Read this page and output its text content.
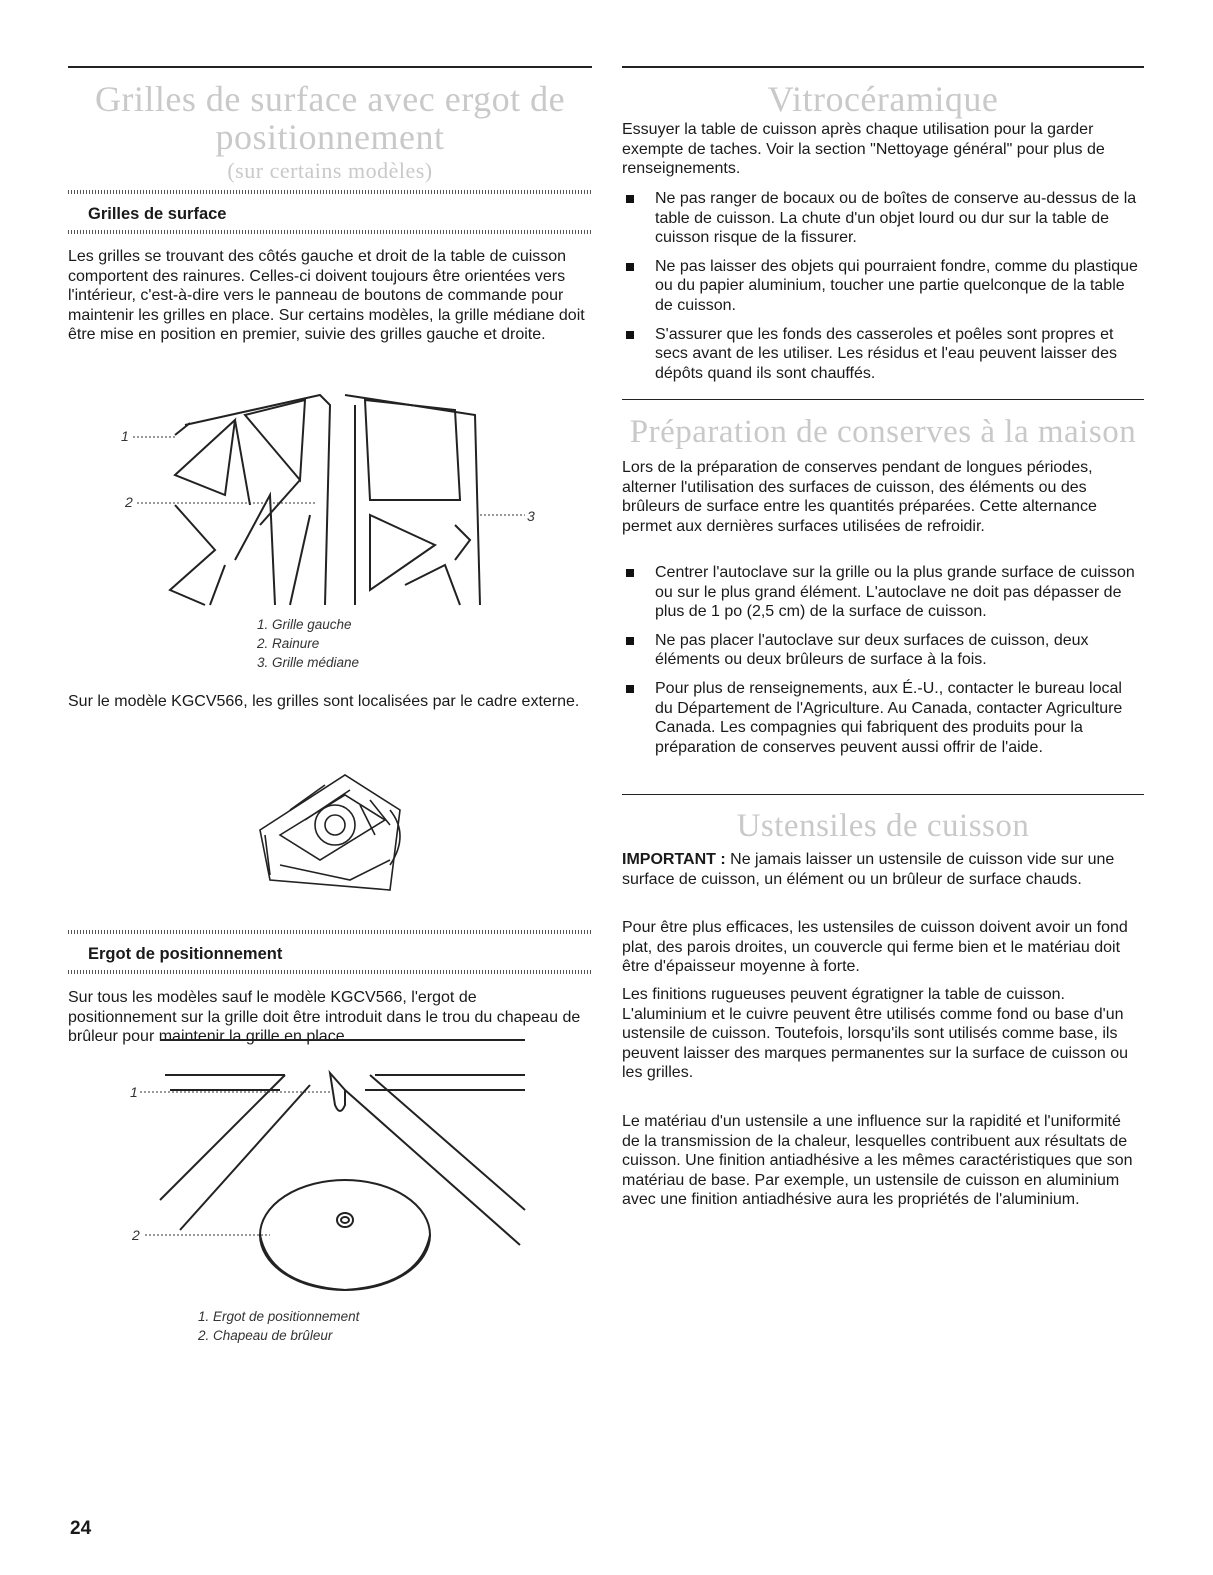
Grilles de surface avec ergot de

positionnement

(sur certains modèles)

Grilles de surface

Les grilles se trouvant des côtés gauche et droit de la table de cuisson comportent des rainures. Celles-ci doivent toujours être orientées vers l'intérieur, c'est-à-dire vers le panneau de boutons de commande pour maintenir les grilles en place. Sur certains modèles, la grille médiane doit être mise en position en premier, suivie des grilles gauche et droite.

1
2
3
1. Grille gauche
2. Rainure
3. Grille médiane

Sur le modèle KGCV566, les grilles sont localisées par le cadre externe.

Ergot de positionnement

Sur tous les modèles sauf le modèle KGCV566, l'ergot de positionnement sur la grille doit être introduit dans le trou du chapeau de brûleur pour maintenir la grille en place.

1
2
1. Ergot de positionnement
2. Chapeau de brûleur

Vitrocéramique

Essuyer la table de cuisson après chaque utilisation pour la garder exempte de taches. Voir la section "Nettoyage général" pour plus de renseignements.

Ne pas ranger de bocaux ou de boîtes de conserve au-dessus de la table de cuisson. La chute d'un objet lourd ou dur sur la table de cuisson risque de la fissurer.
Ne pas laisser des objets qui pourraient fondre, comme du plastique ou du papier aluminium, toucher une partie quelconque de la table de cuisson.
S'assurer que les fonds des casseroles et poêles sont propres et secs avant de les utiliser. Les résidus et l'eau peuvent laisser des dépôts quand ils sont chauffés.

Préparation de conserves à la maison

Lors de la préparation de conserves pendant de longues périodes, alterner l'utilisation des surfaces de cuisson, des éléments ou des brûleurs de surface entre les quantités préparées. Cette alternance permet aux dernières surfaces utilisées de refroidir.

Centrer l'autoclave sur la grille ou la plus grande surface de cuisson ou sur le plus grand élément. L'autoclave ne doit pas dépasser de plus de 1 po (2,5 cm) de la surface de cuisson.
Ne pas placer l'autoclave sur deux surfaces de cuisson, deux éléments ou deux brûleurs de surface à la fois.
Pour plus de renseignements, aux É.-U., contacter le bureau local du Département de l'Agriculture. Au Canada, contacter Agriculture Canada. Les compagnies qui fabriquent des produits pour la préparation de conserves peuvent aussi offrir de l'aide.

Ustensiles de cuisson

IMPORTANT : Ne jamais laisser un ustensile de cuisson vide sur une surface de cuisson, un élément ou un brûleur de surface chauds.

Pour être plus efficaces, les ustensiles de cuisson doivent avoir un fond plat, des parois droites, un couvercle qui ferme bien et le matériau doit être d'épaisseur moyenne à forte.

Les finitions rugueuses peuvent égratigner la table de cuisson. L'aluminium et le cuivre peuvent être utilisés comme fond ou base d'un ustensile de cuisson. Toutefois, lorsqu'ils sont utilisés comme base, ils peuvent laisser des marques permanentes sur la surface de cuisson ou les grilles.

Le matériau d'un ustensile a une influence sur la rapidité et l'uniformité de la transmission de la chaleur, lesquelles contribuent aux résultats de cuisson. Une finition antiadhésive a les mêmes caractéristiques que son matériau de base. Par exemple, un ustensile de cuisson en aluminium avec une finition antiadhésive aura les propriétés de l'aluminium.

24
